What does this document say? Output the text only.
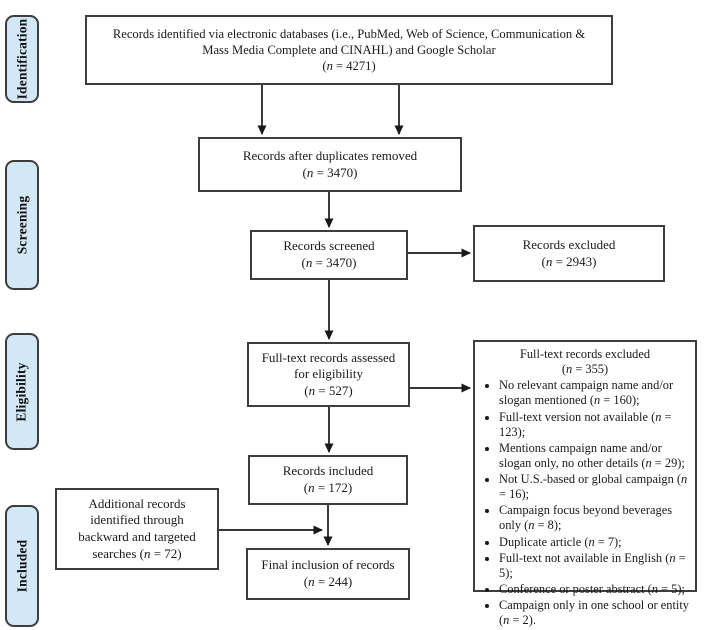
Identification
Screening
Eligibility
Included
Records identified via electronic databases (i.e., PubMed, Web of Science, Communication &
Mass Media Complete and CINAHL) and Google Scholar
(n = 4271)
Records after duplicates removed
(n = 3470)
Records screened
(n = 3470)
Records excluded
(n = 2943)
Full-text records assessed
for eligibility
(n = 527)
Full-text records excluded
(n = 355)
• No relevant campaign name and/or slogan mentioned (n = 160);
• Full-text version not available (n = 123);
• Mentions campaign name and/or slogan only, no other details (n = 29);
• Not U.S.-based or global campaign (n = 16);
• Campaign focus beyond beverages only (n = 8);
• Duplicate article (n = 7);
• Full-text not available in English (n = 5);
• Conference or poster abstract (n = 5);
• Campaign only in one school or entity (n = 2).
Records included
(n = 172)
Additional records
identified through
backward and targeted
searches (n = 72)
Final inclusion of records
(n = 244)
